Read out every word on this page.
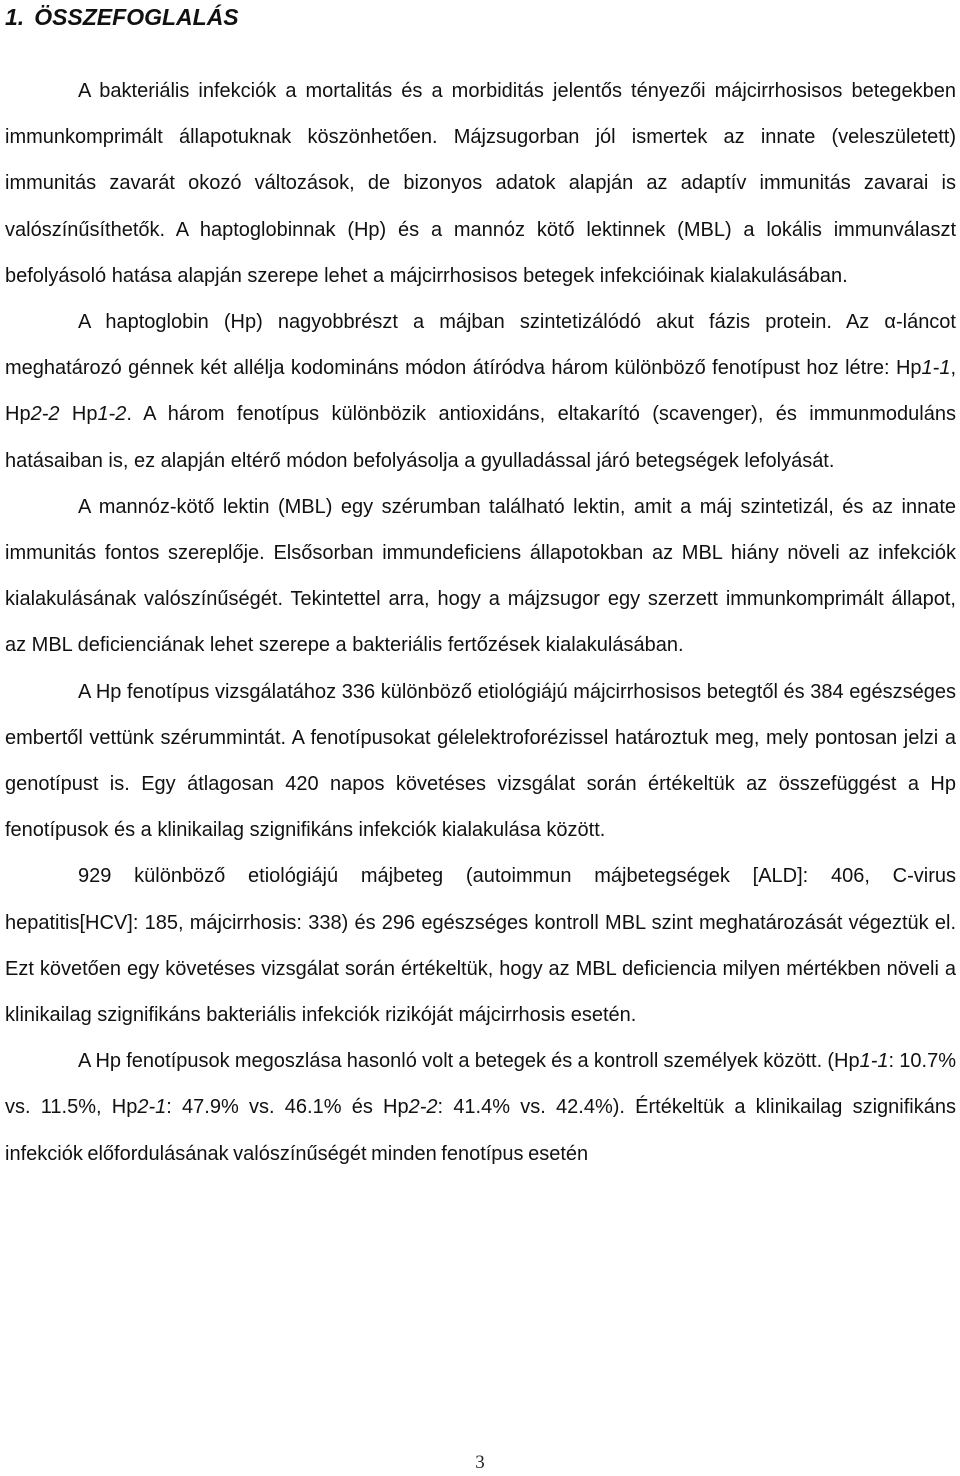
1. ÖSSZEFOGLALÁS

A bakteriális infekciók a mortalitás és a morbiditás jelentős tényezői májcirrhosisos betegekben immunkomprimált állapotuknak köszönhetően. Májzsugorban jól ismertek az innate (veleszületett) immunitás zavarát okozó változások, de bizonyos adatok alapján az adaptív immunitás zavarai is valószínűsíthetők. A haptoglobinnak (Hp) és a mannóz kötő lektinnek (MBL) a lokális immunválaszt befolyásoló hatása alapján szerepe lehet a májcirrhosisos betegek infekcióinak kialakulásában.

A haptoglobin (Hp) nagyobbrészt a májban szintetizálódó akut fázis protein. Az α-láncot meghatározó génnek két allélja kodomináns módon átíródva három különböző fenotípust hoz létre: Hp1-1, Hp2-2 Hp1-2. A három fenotípus különbözik antioxidáns, eltakarító (scavenger), és immunmoduláns hatásaiban is, ez alapján eltérő módon befolyásolja a gyulladással járó betegségek lefolyását.

A mannóz-kötő lektin (MBL) egy szérumban található lektin, amit a máj szintetizál, és az innate immunitás fontos szereplője. Elsősorban immundeficiens állapotokban az MBL hiány növeli az infekciók kialakulásának valószínűségét. Tekintettel arra, hogy a májzsugor egy szerzett immunkomprimált állapot, az MBL deficienciának lehet szerepe a bakteriális fertőzések kialakulásában.

A Hp fenotípus vizsgálatához 336 különböző etiológiájú májcirrhosisos betegtől és 384 egészséges embertől vettünk szérummintát. A fenotípusokat gélelektroforézissel határoztuk meg, mely pontosan jelzi a genotípust is. Egy átlagosan 420 napos követéses vizsgálat során értékeltük az összefüggést a Hp fenotípusok és a klinikailag szignifikáns infekciók kialakulása között.

929 különböző etiológiájú májbeteg (autoimmun májbetegségek [ALD]: 406, C-virus hepatitis[HCV]: 185, májcirrhosis: 338) és 296 egészséges kontroll MBL szint meghatározását végeztük el. Ezt követően egy követéses vizsgálat során értékeltük, hogy az MBL deficiencia milyen mértékben növeli a klinikailag szignifikáns bakteriális infekciók rizikóját májcirrhosis esetén.

A Hp fenotípusok megoszlása hasonló volt a betegek és a kontroll személyek között. (Hp1-1: 10.7% vs. 11.5%, Hp2-1: 47.9% vs. 46.1% és Hp2-2: 41.4% vs. 42.4%). Értékeltük a klinikailag szignifikáns infekciók előfordulásának valószínűségét minden fenotípus esetén

3
